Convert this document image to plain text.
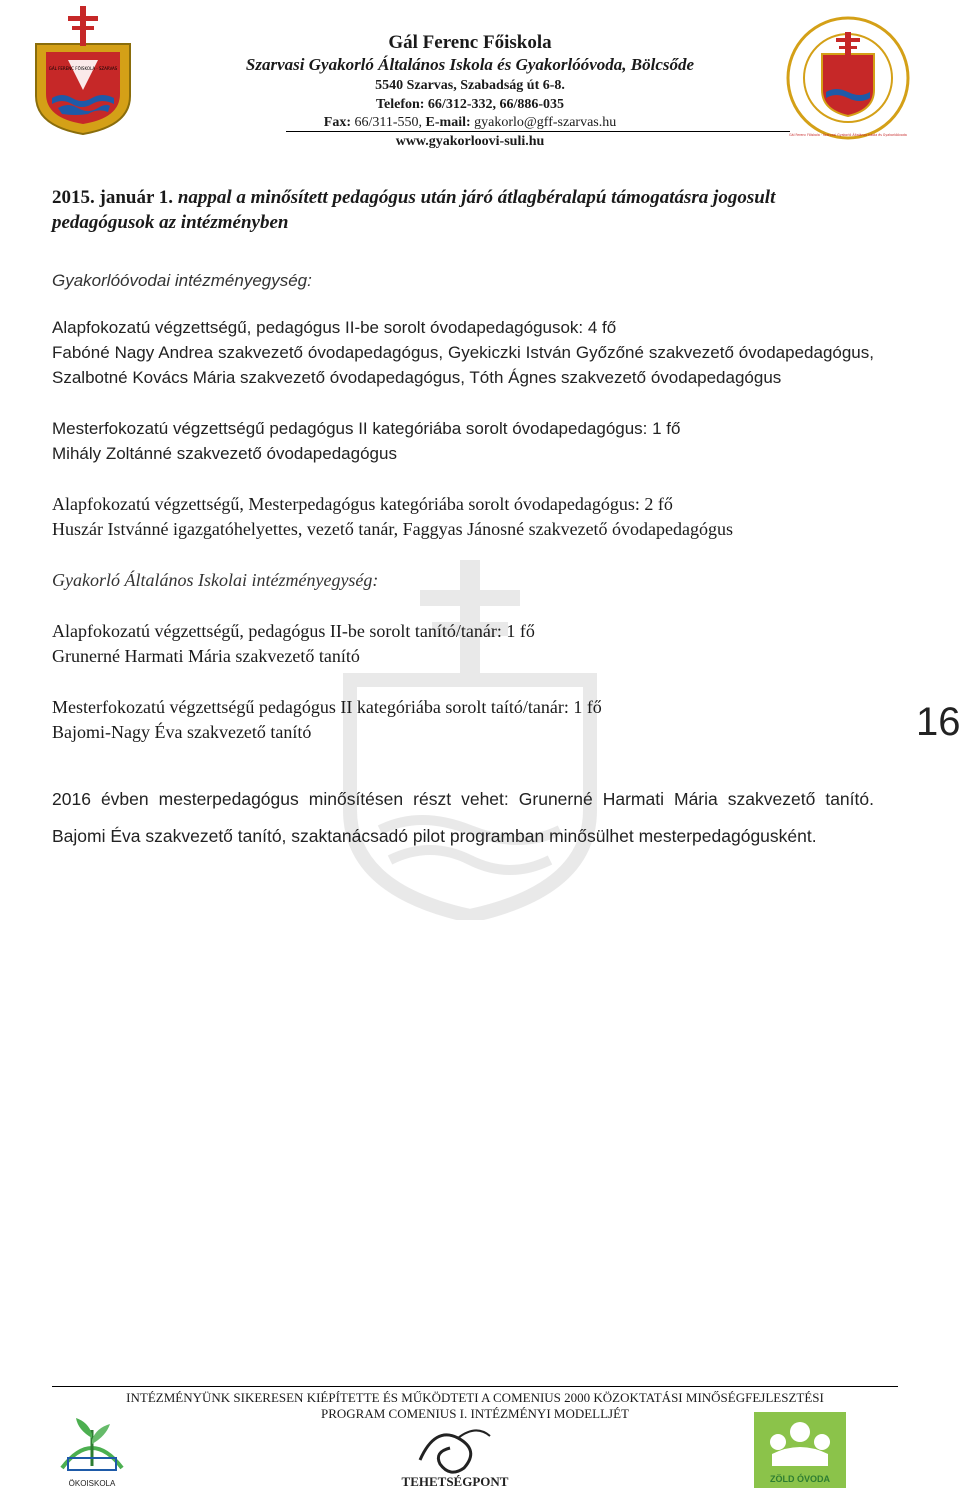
GÁL FERENC FŐISKOLA · SZARVAS
Gál Ferenc Főiskola · Szarvasi Gyakorló Általános Iskola és Gyakorlóóvoda
Gál Ferenc Főiskola
Szarvasi Gyakorló Általános Iskola és Gyakorlóóvoda, Bölcsőde
5540 Szarvas, Szabadság út 6-8.
Telefon: 66/312-332, 66/886-035
Fax: 66/311-550, E-mail: gyakorlo@gff-szarvas.hu
www.gyakorloovi-suli.hu

2015. január 1. nappal a minősített pedagógus után járó átlagbéralapú támogatásra jogosult pedagógusok az intézményben

Gyakorlóóvodai intézményegység:

Alapfokozatú végzettségű, pedagógus II-be sorolt óvodapedagógusok: 4 fő
Fabóné Nagy Andrea szakvezető óvodapedagógus, Gyekiczki István Győzőné szakvezető óvodapedagógus, Szalbotné Kovács Mária szakvezető óvodapedagógus, Tóth Ágnes szakvezető óvodapedagógus
Mesterfokozatú végzettségű pedagógus II kategóriába sorolt óvodapedagógus: 1 fő
Mihály Zoltánné szakvezető óvodapedagógus
Alapfokozatú végzettségű, Mesterpedagógus kategóriába sorolt óvodapedagógus: 2 fő
Huszár Istvánné igazgatóhelyettes, vezető tanár, Faggyas Jánosné szakvezető óvodapedagógus

Gyakorló Általános Iskolai intézményegység:

Alapfokozatú végzettségű, pedagógus II-be sorolt tanító/tanár: 1 fő
Grunerné Harmati Mária szakvezető tanító
Mesterfokozatú végzettségű pedagógus II kategóriába sorolt taító/tanár: 1 fő
Bajomi-Nagy Éva szakvezető tanító

2016 évben mesterpedagógus minősítésen részt vehet: Grunerné Harmati Mária szakvezető tanító. Bajomi Éva szakvezető tanító, szaktanácsadó pilot programban minősülhet mesterpedagógusként.

16
INTÉZMÉNYÜNK SIKERESEN KIÉPÍTETTE ÉS MŰKÖDTETI A COMENIUS 2000 KÖZOKTATÁSI MINŐSÉGFEJLESZTÉSI
PROGRAM COMENIUS I. INTÉZMÉNYI MODELLJÉT
ÖKOISKOLA	TEHETSÉGPONT	ZÖLD ÓVODA
